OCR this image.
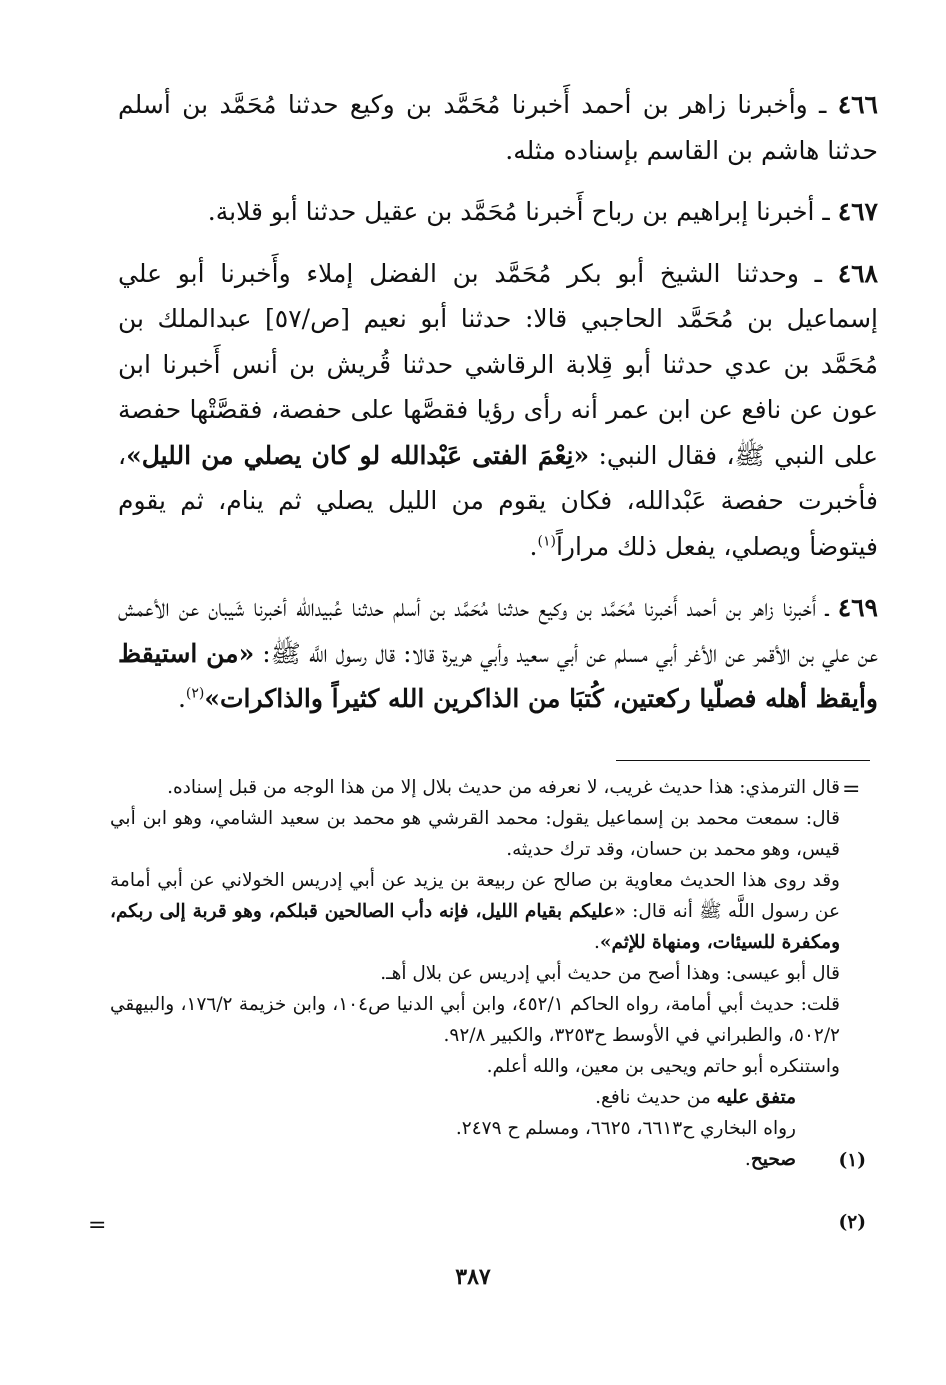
٤٦٦ ـ وأخبرنا زاهر بن أحمد أَخبرنا مُحَمَّد بن وكيع حدثنا مُحَمَّد بن أسلم حدثنا هاشم بن القاسم بإسناده مثله.

٤٦٧ ـ أخبرنا إبراهيم بن رباح أَخبرنا مُحَمَّد بن عقيل حدثنا أبو قلابة.

٤٦٨ ـ وحدثنا الشيخ أبو بكر مُحَمَّد بن الفضل إملاء وأَخبرنا أبو علي إسماعيل بن مُحَمَّد الحاجبي قالا: حدثنا أبو نعيم [ص/٥٧] عبدالملك بن مُحَمَّد بن عدي حدثنا أبو قِلابة الرقاشي حدثنا قُريش بن أنس أَخبرنا ابن عون عن نافع عن ابن عمر أنه رأى رؤيا فقصَّها على حفصة، فقصَّتْها حفصة على النبي ﷺ، فقال النبي: «نِعْمَ الفتى عَبْدالله لو كان يصلي من الليل»، فأخبرت حفصة عَبْدالله، فكان يقوم من الليل يصلي ثم ينام، ثم يقوم فيتوضأ ويصلي، يفعل ذلك مراراً$^{(١)}$.

٤٦٩ ـ أَخبرنا زاهر بن أحمد أَخبرنا مُحَمَّد بن وكيع حدثنا مُحَمَّد بن أسلم حدثنا عُبيدالله أخبرنا شَيبان عن الأعمش عن علي بن الأقمر عن الأغر أبي مسلم عن أبي سعيد وأبي هريرة قالا: قال رسول اللَّه ﷺ: «من استيقظ وأيقظ أهله فصلّيا ركعتين، كُتبَا من الذاكرين الله كثيراً والذاكرات»$^{(٢)}$.

=

قال الترمذي: هذا حديث غريب، لا نعرفه من حديث بلال إلا من هذا الوجه من قبل إسناده.

قال: سمعت محمد بن إسماعيل يقول: محمد القرشي هو محمد بن سعيد الشامي، وهو ابن أبي قيس، وهو محمد بن حسان، وقد ترك حديثه.

وقد روى هذا الحديث معاوية بن صالح عن ربيعة بن يزيد عن أبي إدريس الخولاني عن أبي أمامة عن رسول اللَّه ﷺ أنه قال: «عليكم بقيام الليل، فإنه دأب الصالحين قبلكم، وهو قربة إلى ربكم، ومكفرة للسيئات، ومنهاة للإثم».

قال أبو عيسى: وهذا أصح من حديث أبي إدريس عن بلال أهـ.

قلت: حديث أبي أمامة، رواه الحاكم ٤٥٢/١، وابن أبي الدنيا ص١٠٤، وابن خزيمة ١٧٦/٢، والبيهقي ٥٠٢/٢، والطبراني في الأوسط ح٣٢٥٣، والكبير ٩٢/٨.

واستنكره أبو حاتم ويحيى بن معين، والله أعلم.

متفق عليه من حديث نافع.

رواه البخاري ح٦٦١٣، ٦٦٢٥، ومسلم ح ٢٤٧٩.

صحيح.	(١)
(٢)
=
٣٨٧
